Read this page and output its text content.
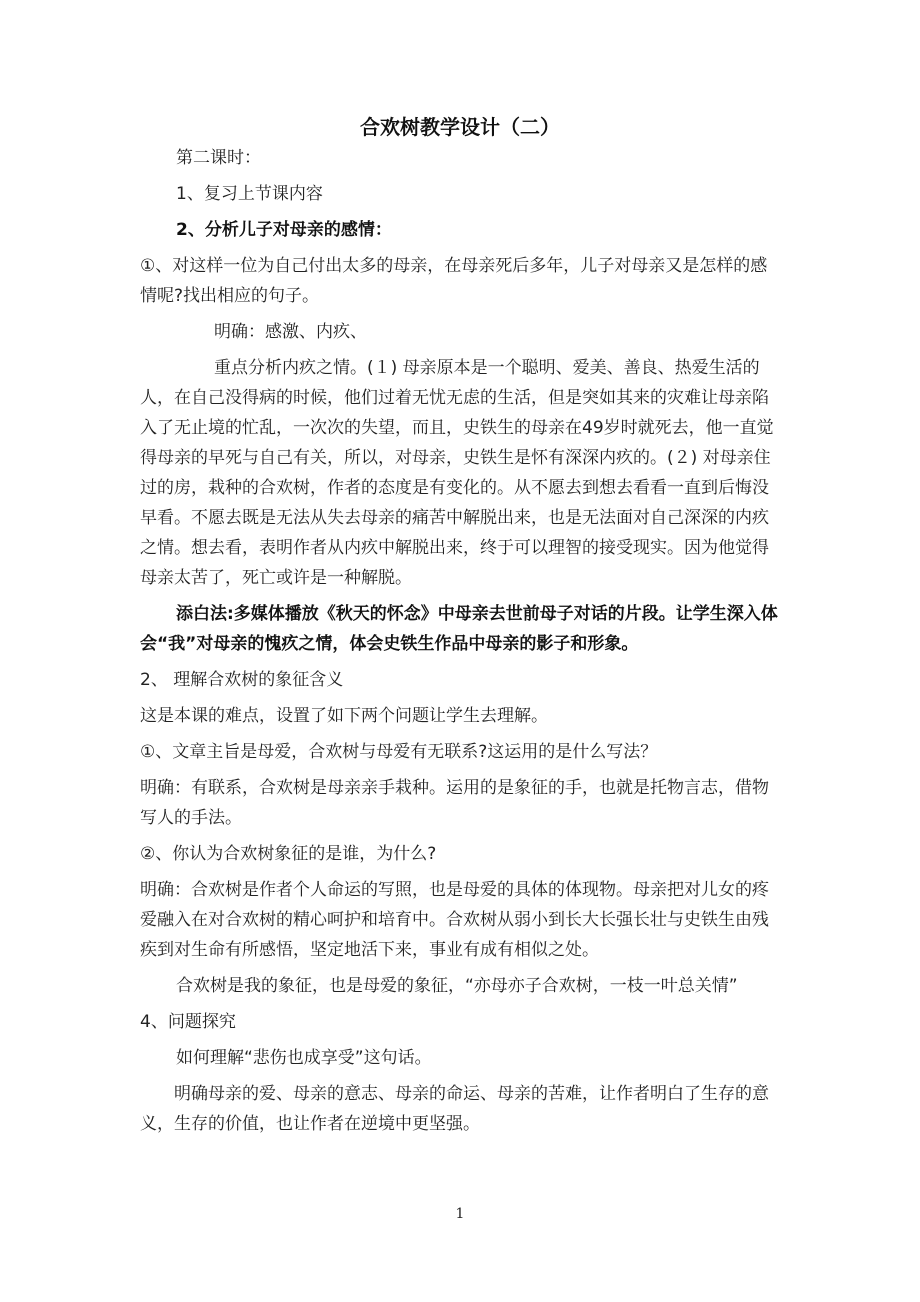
合欢树教学设计（二）

第二课时：

1、复习上节课内容

2、分析儿子对母亲的感情：

①、对这样一位为自己付出太多的母亲，在母亲死后多年，儿子对母亲又是怎样的感情呢?找出相应的句子。

明确：感激、内疚、

重点分析内疚之情。(１) 母亲原本是一个聪明、爱美、善良、热爱生活的人，在自己没得病的时候，他们过着无忧无虑的生活，但是突如其来的灾难让母亲陷入了无止境的忙乱，一次次的失望，而且，史铁生的母亲在49岁时就死去，他一直觉得母亲的早死与自己有关，所以，对母亲，史铁生是怀有深深内疚的。(２) 对母亲住过的房，栽种的合欢树，作者的态度是有变化的。从不愿去到想去看看一直到后悔没早看。不愿去既是无法从失去母亲的痛苦中解脱出来，也是无法面对自己深深的内疚之情。想去看，表明作者从内疚中解脱出来，终于可以理智的接受现实。因为他觉得母亲太苦了，死亡或许是一种解脱。

添白法:多媒体播放《秋天的怀念》中母亲去世前母子对话的片段。让学生深入体会“我”对母亲的愧疚之情，体会史铁生作品中母亲的影子和形象。

2、 理解合欢树的象征含义

这是本课的难点，设置了如下两个问题让学生去理解。

①、文章主旨是母爱，合欢树与母爱有无联系?这运用的是什么写法？

明确：有联系，合欢树是母亲亲手栽种。运用的是象征的手，也就是托物言志，借物写人的手法。

②、你认为合欢树象征的是谁，为什么?

明确：合欢树是作者个人命运的写照，也是母爱的具体的体现物。母亲把对儿女的疼爱融入在对合欢树的精心呵护和培育中。合欢树从弱小到长大长强长壮与史铁生由残疾到对生命有所感悟，坚定地活下来，事业有成有相似之处。

合欢树是我的象征，也是母爱的象征，“亦母亦子合欢树，一枝一叶总关情”

4、问题探究

如何理解“悲伤也成享受”这句话。

明确母亲的爱、母亲的意志、母亲的命运、母亲的苦难，让作者明白了生存的意义，生存的价值，也让作者在逆境中更坚强。

1
